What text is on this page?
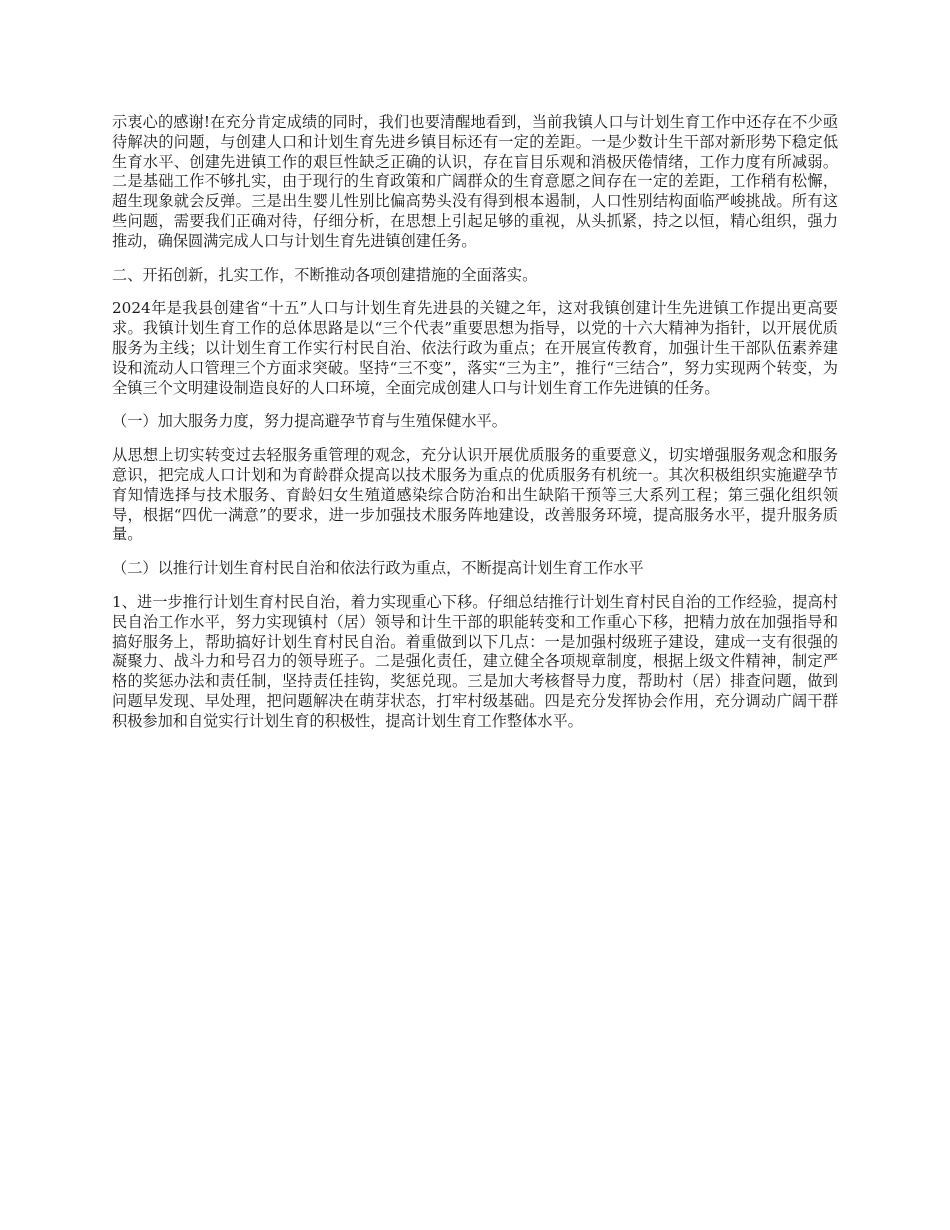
示衷心的感谢!在充分肯定成绩的同时，我们也要清醒地看到，当前我镇人口与计划生育工作中还存在不少亟待解决的问题，与创建人口和计划生育先进乡镇目标还有一定的差距。一是少数计生干部对新形势下稳定低生育水平、创建先进镇工作的艰巨性缺乏正确的认识，存在盲目乐观和消极厌倦情绪，工作力度有所减弱。二是基础工作不够扎实，由于现行的生育政策和广阔群众的生育意愿之间存在一定的差距，工作稍有松懈，超生现象就会反弹。三是出生婴儿性别比偏高势头没有得到根本遏制，人口性别结构面临严峻挑战。所有这些问题，需要我们正确对待，仔细分析，在思想上引起足够的重视，从头抓紧，持之以恒，精心组织，强力推动，确保圆满完成人口与计划生育先进镇创建任务。

二、开拓创新，扎实工作，不断推动各项创建措施的全面落实。

2024年是我县创建省“十五”人口与计划生育先进县的关键之年，这对我镇创建计生先进镇工作提出更高要求。我镇计划生育工作的总体思路是以“三个代表”重要思想为指导，以党的十六大精神为指针，以开展优质服务为主线；以计划生育工作实行村民自治、依法行政为重点；在开展宣传教育，加强计生干部队伍素养建设和流动人口管理三个方面求突破。坚持“三不变”，落实“三为主”，推行“三结合”，努力实现两个转变，为全镇三个文明建设制造良好的人口环境，全面完成创建人口与计划生育工作先进镇的任务。

（一）加大服务力度，努力提高避孕节育与生殖保健水平。

从思想上切实转变过去轻服务重管理的观念，充分认识开展优质服务的重要意义，切实增强服务观念和服务意识，把完成人口计划和为育龄群众提高以技术服务为重点的优质服务有机统一。其次积极组织实施避孕节育知情选择与技术服务、育龄妇女生殖道感染综合防治和出生缺陷干预等三大系列工程；第三强化组织领导，根据“四优一满意”的要求，进一步加强技术服务阵地建设，改善服务环境，提高服务水平，提升服务质量。

（二）以推行计划生育村民自治和依法行政为重点，不断提高计划生育工作水平

1、进一步推行计划生育村民自治，着力实现重心下移。仔细总结推行计划生育村民自治的工作经验，提高村民自治工作水平，努力实现镇村（居）领导和计生干部的职能转变和工作重心下移，把精力放在加强指导和搞好服务上，帮助搞好计划生育村民自治。着重做到以下几点：一是加强村级班子建设，建成一支有很强的凝聚力、战斗力和号召力的领导班子。二是强化责任，建立健全各项规章制度，根据上级文件精神，制定严格的奖惩办法和责任制，坚持责任挂钩，奖惩兑现。三是加大考核督导力度，帮助村（居）排查问题，做到问题早发现、早处理，把问题解决在萌芽状态，打牢村级基础。四是充分发挥协会作用，充分调动广阔干群积极参加和自觉实行计划生育的积极性，提高计划生育工作整体水平。
